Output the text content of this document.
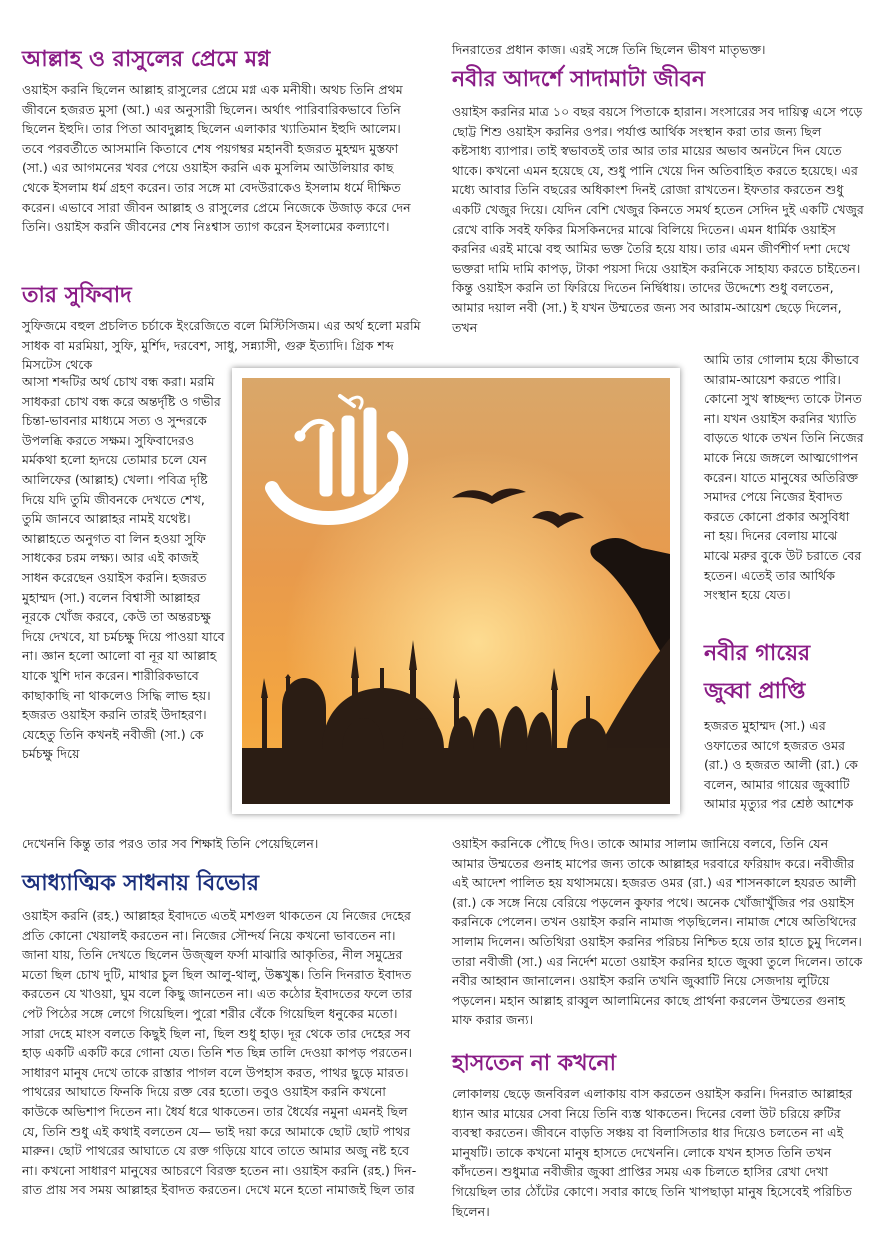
আল্লাহ ও রাসুলের প্রেমে মগ্ন

ওয়াইস করনি ছিলেন আল্লাহ রাসুলের প্রেমে মগ্ন এক মনীষী। অথচ তিনি প্রথম জীবনে হজরত মুসা (আ.) এর অনুসারী ছিলেন। অর্থাৎ পারিবারিকভাবে তিনি ছিলেন ইহুদি। তার পিতা আবদুল্লাহ ছিলেন এলাকার খ্যাতিমান ইহুদি আলেম। তবে পরবর্তীতে আসমানি কিতাবে শেষ পয়গম্বর মহানবী হজরত মুহম্মদ মুস্তফা (সা.) এর আগমনের খবর পেয়ে ওয়াইস করনি এক মুসলিম আউলিয়ার কাছ থেকে ইসলাম ধর্ম গ্রহণ করেন। তার সঙ্গে মা বেদউরাকেও ইসলাম ধর্মে দীক্ষিত করেন। এভাবে সারা জীবন আল্লাহ ও রাসুলের প্রেমে নিজেকে উজাড় করে দেন তিনি। ওয়াইস করনি জীবনের শেষ নিঃশ্বাস ত্যাগ করেন ইসলামের কল্যাণে।

তার সুফিবাদ

সুফিজমে বহুল প্রচলিত চর্চাকে ইংরেজিতে বলে মিস্টিসিজম। এর অর্থ হলো মরমি সাধক বা মরমিয়া, সুফি, মুর্শিদ, দরবেশ, সাধু, সন্ন্যাসী, গুরু ইত্যাদি। গ্রিক শব্দ মিসটেস থেকে

আসা শব্দটির অর্থ চোখ বন্ধ করা। মরমি সাধকরা চোখ বন্ধ করে অন্তর্দৃষ্টি ও গভীর চিন্তা-ভাবনার মাধ্যমে সত্য ও সুন্দরকে উপলব্ধি করতে সক্ষম। সুফিবাদেরও মর্মকথা হলো হৃদয়ে তোমার চলে যেন আলিফের (আল্লাহ) খেলা। পবিত্র দৃষ্টি দিয়ে যদি তুমি জীবনকে দেখতে শেখ, তুমি জানবে আল্লাহর নামই যথেষ্ট। আল্লাহতে অনুগত বা লিন হওয়া সুফি সাধকের চরম লক্ষ্য। আর এই কাজই সাধন করেছেন ওয়াইস করনি। হজরত মুহাম্মদ (সা.) বলেন বিশ্বাসী আল্লাহর নূরকে খোঁজ করবে, কেউ তা অন্তরচক্ষু দিয়ে দেখবে, যা চর্মচক্ষু দিয়ে পাওয়া যাবে না। জ্ঞান হলো আলো বা নূর যা আল্লাহ যাকে খুশি দান করেন। শারীরিকভাবে কাছাকাছি না থাকলেও সিদ্ধি লাভ হয়। হজরত ওয়াইস করনি তারই উদাহরণ। যেহেতু তিনি কখনই নবীজী (সা.) কে চর্মচক্ষু দিয়ে

দেখেননি কিন্তু তার পরও তার সব শিক্ষাই তিনি পেয়েছিলেন।

আধ্যাত্মিক সাধনায় বিভোর

ওয়াইস করনি (রহ.) আল্লাহর ইবাদতে এতই মশগুল থাকতেন যে নিজের দেহের প্রতি কোনো খেয়ালই করতেন না। নিজের সৌন্দর্য নিয়ে কখনো ভাবতেন না। জানা যায়, তিনি দেখতে ছিলেন উজ্জ্বল ফর্সা মাঝারি আকৃতির, নীল সমুদ্রের মতো ছিল চোখ দুটি, মাথার চুল ছিল আলু-থালু, উষ্কখুষ্ক। তিনি দিনরাত ইবাদত করতেন যে খাওয়া, ঘুম বলে কিছু জানতেন না। এত কঠোর ইবাদতের ফলে তার পেট পিঠের সঙ্গে লেগে গিয়েছিল। পুরো শরীর বেঁকে গিয়েছিল ধনুকের মতো। সারা দেহে মাংস বলতে কিছুই ছিল না, ছিল শুধু হাড়। দূর থেকে তার দেহের সব হাড় একটি একটি করে গোনা যেত। তিনি শত ছিন্ন তালি দেওয়া কাপড় পরতেন। সাধারণ মানুষ দেখে তাকে রাস্তার পাগল বলে উপহাস করত, পাথর ছুড়ে মারত। পাথরের আঘাতে ফিনকি দিয়ে রক্ত বের হতো। তবুও ওয়াইস করনি কখনো কাউকে অভিশাপ দিতেন না। ধৈর্য ধরে থাকতেন। তার ধৈর্যের নমুনা এমনই ছিল যে, তিনি শুধু এই কথাই বলতেন যে— ভাই দয়া করে আমাকে ছোট ছোট পাথর মারুন। ছোট পাথরের আঘাতে যে রক্ত গড়িয়ে যাবে তাতে আমার অজু নষ্ট হবে না। কখনো সাধারণ মানুষের আচরণে বিরক্ত হতেন না। ওয়াইস করনি (রহ.) দিন-রাত প্রায় সব সময় আল্লাহর ইবাদত করতেন। দেখে মনে হতো নামাজই ছিল তার

দিনরাতের প্রধান কাজ। এরই সঙ্গে তিনি ছিলেন ভীষণ মাতৃভক্ত।

নবীর আদর্শে সাদামাটা জীবন

ওয়াইস করনির মাত্র ১০ বছর বয়সে পিতাকে হারান। সংসারের সব দায়িত্ব এসে পড়ে ছোট্ট শিশু ওয়াইস করনির ওপর। পর্যাপ্ত আর্থিক সংস্থান করা তার জন্য ছিল কষ্টসাধ্য ব্যাপার। তাই স্বভাবতই তার আর তার মায়ের অভাব অনটনে দিন যেতে থাকে। কখনো এমন হয়েছে যে, শুধু পানি খেয়ে দিন অতিবাহিত করতে হয়েছে। এর মধ্যে আবার তিনি বছরের অধিকাংশ দিনই রোজা রাখতেন। ইফতার করতেন শুধু একটি খেজুর দিয়ে। যেদিন বেশি খেজুর কিনতে সমর্থ হতেন সেদিন দুই একটি খেজুর রেখে বাকি সবই ফকির মিসকিনদের মাঝে বিলিয়ে দিতেন। এমন ধার্মিক ওয়াইস করনির এরই মাঝে বহু আমির ভক্ত তৈরি হয়ে যায়। তার এমন জীর্ণশীর্ণ দশা দেখে ভক্তরা দামি দামি কাপড়, টাকা পয়সা দিয়ে ওয়াইস করনিকে সাহায্য করতে চাইতেন। কিন্তু ওয়াইস করনি তা ফিরিয়ে দিতেন নির্দ্বিধায়। তাদের উদ্দেশ্যে শুধু বলতেন, আমার দয়াল নবী (সা.) ই যখন উম্মতের জন্য সব আরাম-আয়েশ ছেড়ে দিলেন, তখন

আমি তার গোলাম হয়ে কীভাবে আরাম-আয়েশ করতে পারি। কোনো সুখ স্বাচ্ছন্দ্য তাকে টানত না। যখন ওয়াইস করনির খ্যাতি বাড়তে থাকে তখন তিনি নিজের মাকে নিয়ে জঙ্গলে আত্মগোপন করেন। যাতে মানুষের অতিরিক্ত সমাদর পেয়ে নিজের ইবাদত করতে কোনো প্রকার অসুবিধা না হয়। দিনের বেলায় মাঝে মাঝে মরুর বুকে উট চরাতে বের হতেন। এতেই তার আর্থিক সংস্থান হয়ে যেত।

নবীর গায়ের
জুব্বা প্রাপ্তি

হজরত মুহাম্মদ (সা.) এর ওফাতের আগে হজরত ওমর (রা.) ও হজরত আলী (রা.) কে বলেন, আমার গায়ের জুব্বাটি আমার মৃত্যুর পর শ্রেষ্ঠ আশেক

ওয়াইস করনিকে পৌছে দিও। তাকে আমার সালাম জানিয়ে বলবে, তিনি যেন আমার উম্মতের গুনাহ মাপের জন্য তাকে আল্লাহর দরবারে ফরিয়াদ করে। নবীজীর এই আদেশ পালিত হয় যথাসময়ে। হজরত ওমর (রা.) এর শাসনকালে হযরত আলী (রা.) কে সঙ্গে নিয়ে বেরিয়ে পড়লেন কুফার পথে। অনেক খোঁজাখুঁজির পর ওয়াইস করনিকে পেলেন। তখন ওয়াইস করনি নামাজ পড়ছিলেন। নামাজ শেষে অতিথিদের সালাম দিলেন। অতিথিরা ওয়াইস করনির পরিচয় নিশ্চিত হয়ে তার হাতে চুমু দিলেন। তারা নবীজী (সা.) এর নির্দেশ মতো ওয়াইস করনির হাতে জুব্বা তুলে দিলেন। তাকে নবীর আহ্বান জানালেন। ওয়াইস করনি তখনি জুব্বাটি নিয়ে সেজদায় লুটিয়ে পড়লেন। মহান আল্লাহ রাব্বুল আলামিনের কাছে প্রার্থনা করলেন উম্মতের গুনাহ মাফ করার জন্য।

হাসতেন না কখনো

লোকালয় ছেড়ে জনবিরল এলাকায় বাস করতেন ওয়াইস করনি। দিনরাত আল্লাহর ধ্যান আর মায়ের সেবা নিয়ে তিনি ব্যস্ত থাকতেন। দিনের বেলা উট চরিয়ে রুটির ব্যবস্থা করতেন। জীবনে বাড়তি সঞ্চয় বা বিলাসিতার ধার দিয়েও চলতেন না এই মানুষটি। তাকে কখনো মানুষ হাসতে দেখেননি। লোকে যখন হাসত তিনি তখন কাঁদতেন। শুধুমাত্র নবীজীর জুব্বা প্রাপ্তির সময় এক চিলতে হাসির রেখা দেখা গিয়েছিল তার ঠোঁটের কোণে। সবার কাছে তিনি খাপছাড়া মানুষ হিসেবেই পরিচিত ছিলেন।
